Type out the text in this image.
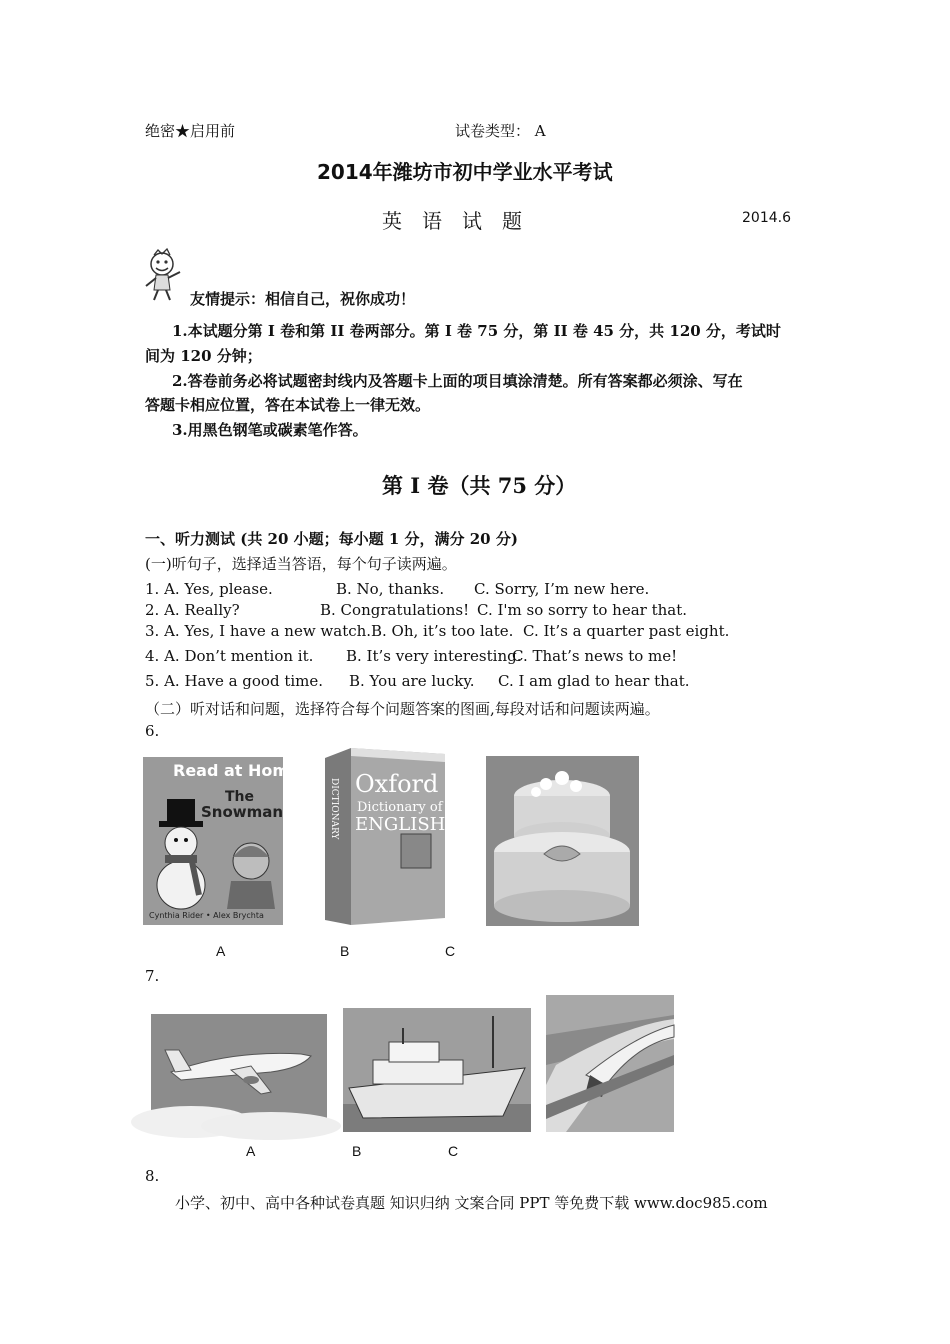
绝密★启用前	试卷类型： A
2014年潍坊市初中学业水平考试
英　语　试　题	2014.6
友情提示：相信自己，祝你成功！
1.本试题分第 I 卷和第 II 卷两部分。第 I 卷 75 分，第 II 卷 45 分，共 120 分，考试时
间为 120 分钟；
2.答卷前务必将试题密封线内及答题卡上面的项目填涂清楚。所有答案都必须涂、写在
答题卡相应位置，答在本试卷上一律无效。
3.用黑色钢笔或碳素笔作答。
第 I 卷（共 75 分）
一、听力测试 (共 20 小题；每小题 1 分，满分 20 分)
(一)听句子，选择适当答语，每个句子读两遍。
1. A. Yes, please.	B. No, thanks. C. Sorry, I’m new here.
2. A. Really?	B. Congratulations! C. I'm so sorry to hear that.
3. A. Yes, I have a new watch. B. Oh, it’s too late. C. It’s a quarter past eight.
4. A. Don’t mention it. B. It’s very interesting.
C. That’s news to me!
5. A. Have a good time. B. You are lucky. C. I am glad to hear that.
（二）听对话和问题，选择符合每个问题答案的图画,每段对话和问题读两遍。
6.
Read at Home
The
Snowman
Cynthia Rider • Alex Brychta
Oxford
Dictionary of
ENGLISH
DICTIONARY
A	B	C
7.
A	B	C
8.
小学、初中、高中各种试卷真题 知识归纳 文案合同 PPT 等免费下载 www.doc985.com
